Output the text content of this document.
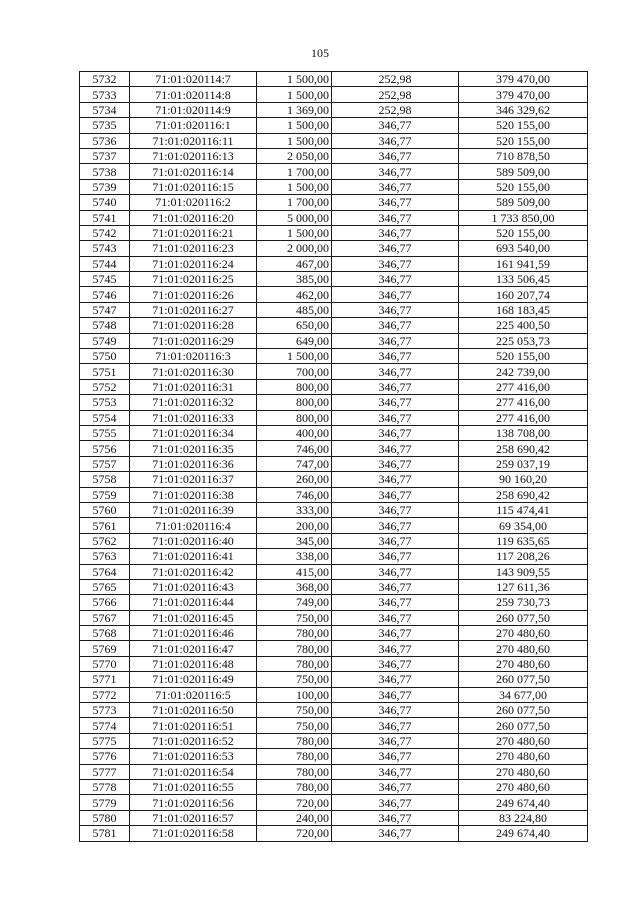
105
5732	71:01:020114:7	1 500,00	252,98	379 470,00
5733	71:01:020114:8	1 500,00	252,98	379 470,00
5734	71:01:020114:9	1 369,00	252,98	346 329,62
5735	71:01:020116:1	1 500,00	346,77	520 155,00
5736	71:01:020116:11	1 500,00	346,77	520 155,00
5737	71:01:020116:13	2 050,00	346,77	710 878,50
5738	71:01:020116:14	1 700,00	346,77	589 509,00
5739	71:01:020116:15	1 500,00	346,77	520 155,00
5740	71:01:020116:2	1 700,00	346,77	589 509,00
5741	71:01:020116:20	5 000,00	346,77	1 733 850,00
5742	71:01:020116:21	1 500,00	346,77	520 155,00
5743	71:01:020116:23	2 000,00	346,77	693 540,00
5744	71:01:020116:24	467,00	346,77	161 941,59
5745	71:01:020116:25	385,00	346,77	133 506,45
5746	71:01:020116:26	462,00	346,77	160 207,74
5747	71:01:020116:27	485,00	346,77	168 183,45
5748	71:01:020116:28	650,00	346,77	225 400,50
5749	71:01:020116:29	649,00	346,77	225 053,73
5750	71:01:020116:3	1 500,00	346,77	520 155,00
5751	71:01:020116:30	700,00	346,77	242 739,00
5752	71:01:020116:31	800,00	346,77	277 416,00
5753	71:01:020116:32	800,00	346,77	277 416,00
5754	71:01:020116:33	800,00	346,77	277 416,00
5755	71:01:020116:34	400,00	346,77	138 708,00
5756	71:01:020116:35	746,00	346,77	258 690,42
5757	71:01:020116:36	747,00	346,77	259 037,19
5758	71:01:020116:37	260,00	346,77	90 160,20
5759	71:01:020116:38	746,00	346,77	258 690,42
5760	71:01:020116:39	333,00	346,77	115 474,41
5761	71:01:020116:4	200,00	346,77	69 354,00
5762	71:01:020116:40	345,00	346,77	119 635,65
5763	71:01:020116:41	338,00	346,77	117 208,26
5764	71:01:020116:42	415,00	346,77	143 909,55
5765	71:01:020116:43	368,00	346,77	127 611,36
5766	71:01:020116:44	749,00	346,77	259 730,73
5767	71:01:020116:45	750,00	346,77	260 077,50
5768	71:01:020116:46	780,00	346,77	270 480,60
5769	71:01:020116:47	780,00	346,77	270 480,60
5770	71:01:020116:48	780,00	346,77	270 480,60
5771	71:01:020116:49	750,00	346,77	260 077,50
5772	71:01:020116:5	100,00	346,77	34 677,00
5773	71:01:020116:50	750,00	346,77	260 077,50
5774	71:01:020116:51	750,00	346,77	260 077,50
5775	71:01:020116:52	780,00	346,77	270 480,60
5776	71:01:020116:53	780,00	346,77	270 480,60
5777	71:01:020116:54	780,00	346,77	270 480,60
5778	71:01:020116:55	780,00	346,77	270 480,60
5779	71:01:020116:56	720,00	346,77	249 674,40
5780	71:01:020116:57	240,00	346,77	83 224,80
5781	71:01:020116:58	720,00	346,77	249 674,40
